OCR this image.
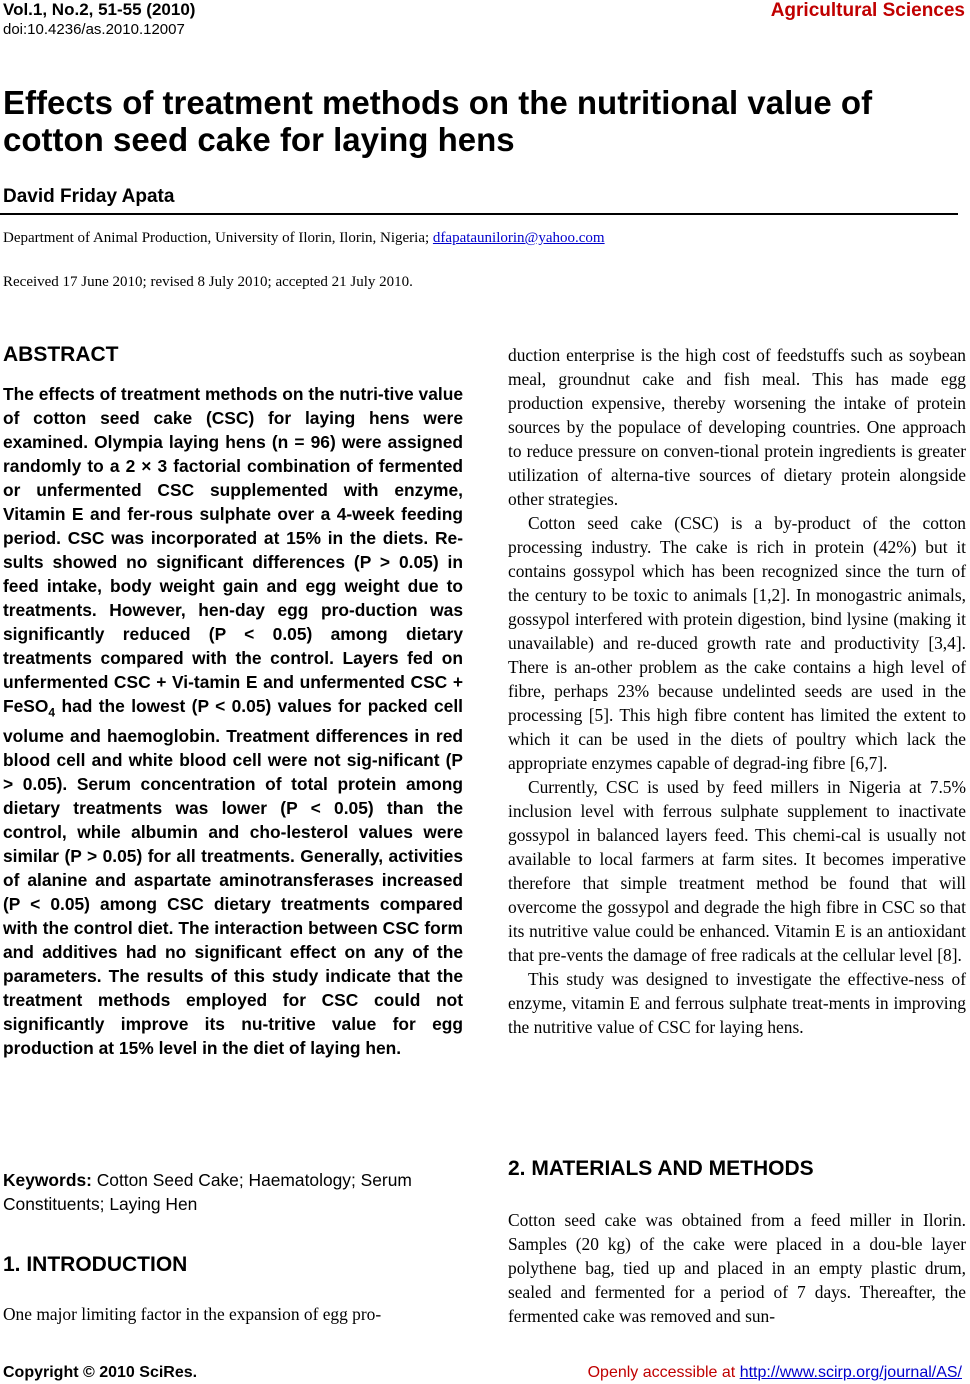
Vol.1, No.2, 51-55 (2010)
doi:10.4236/as.2010.12007
Agricultural Sciences
Effects of treatment methods on the nutritional value of cotton seed cake for laying hens
David Friday Apata
Department of Animal Production, University of Ilorin, Ilorin, Nigeria; dfapataunilorin@yahoo.com
Received 17 June 2010; revised 8 July 2010; accepted 21 July 2010.
ABSTRACT
The effects of treatment methods on the nutri-tive value of cotton seed cake (CSC) for laying hens were examined. Olympia laying hens (n = 96) were assigned randomly to a 2 × 3 factorial combination of fermented or unfermented CSC supplemented with enzyme, Vitamin E and fer-rous sulphate over a 4-week feeding period. CSC was incorporated at 15% in the diets. Re-sults showed no significant differences (P > 0.05) in feed intake, body weight gain and egg weight due to treatments. However, hen-day egg pro-duction was significantly reduced (P < 0.05) among dietary treatments compared with the control. Layers fed on unfermented CSC + Vi-tamin E and unfermented CSC + FeSO$_4$ had the lowest (P < 0.05) values for packed cell volume and haemoglobin. Treatment differences in red blood cell and white blood cell were not sig-nificant (P > 0.05). Serum concentration of total protein among dietary treatments was lower (P < 0.05) than the control, while albumin and cho-lesterol values were similar (P > 0.05) for all treatments. Generally, activities of alanine and aspartate aminotransferases increased (P < 0.05) among CSC dietary treatments compared with the control diet. The interaction between CSC form and additives had no significant effect on any of the parameters. The results of this study indicate that the treatment methods employed for CSC could not significantly improve its nu-tritive value for egg production at 15% level in the diet of laying hen.
Keywords: Cotton Seed Cake; Haematology; Serum Constituents; Laying Hen
1. INTRODUCTION
One major limiting factor in the expansion of egg pro-

duction enterprise is the high cost of feedstuffs such as soybean meal, groundnut cake and fish meal. This has made egg production expensive, thereby worsening the intake of protein sources by the populace of developing countries. One approach to reduce pressure on conven-tional protein ingredients is greater utilization of alterna-tive sources of dietary protein alongside other strategies.

Cotton seed cake (CSC) is a by-product of the cotton processing industry. The cake is rich in protein (42%) but it contains gossypol which has been recognized since the turn of the century to be toxic to animals [1,2]. In monogastric animals, gossypol interfered with protein digestion, bind lysine (making it unavailable) and re-duced growth rate and productivity [3,4]. There is an-other problem as the cake contains a high level of fibre, perhaps 23% because undelinted seeds are used in the processing [5]. This high fibre content has limited the extent to which it can be used in the diets of poultry which lack the appropriate enzymes capable of degrad-ing fibre [6,7].

Currently, CSC is used by feed millers in Nigeria at 7.5% inclusion level with ferrous sulphate supplement to inactivate gossypol in balanced layers feed. This chemi-cal is usually not available to local farmers at farm sites. It becomes imperative therefore that simple treatment method be found that will overcome the gossypol and degrade the high fibre in CSC so that its nutritive value could be enhanced. Vitamin E is an antioxidant that pre-vents the damage of free radicals at the cellular level [8].

This study was designed to investigate the effective-ness of enzyme, vitamin E and ferrous sulphate treat-ments in improving the nutritive value of CSC for laying hens.

2. MATERIALS AND METHODS
Cotton seed cake was obtained from a feed miller in Ilorin. Samples (20 kg) of the cake were placed in a dou-ble layer polythene bag, tied up and placed in an empty plastic drum, sealed and fermented for a period of 7 days. Thereafter, the fermented cake was removed and sun-
Copyright © 2010 SciRes.	Openly accessible at http://www.scirp.org/journal/AS/
